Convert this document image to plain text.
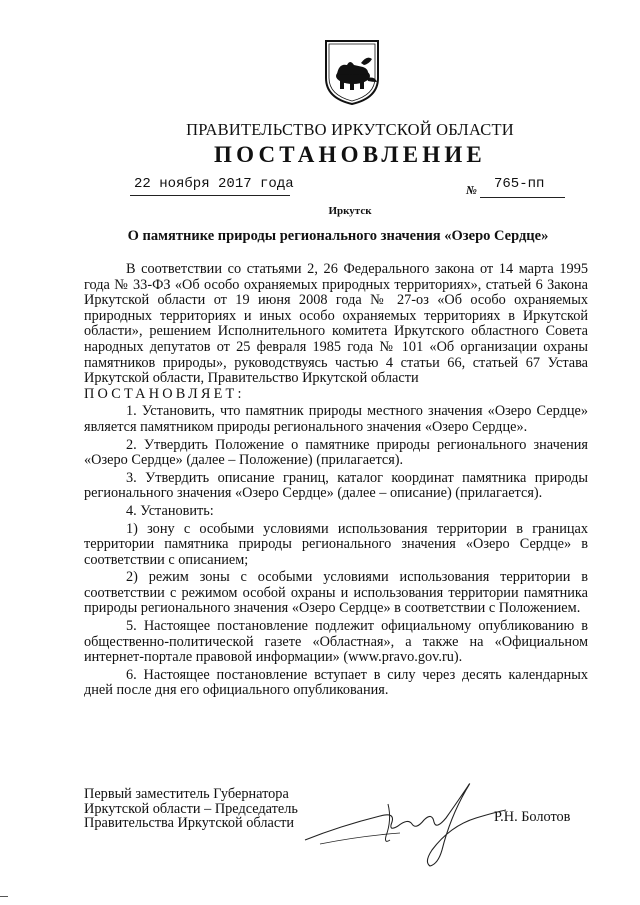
ПРАВИТЕЛЬСТВО ИРКУТСКОЙ ОБЛАСТИ
ПОСТАНОВЛЕНИЕ
22 ноября 2017 года	№ 765-пп
Иркутск
О памятнике природы регионального значения «Озеро Сердце»

В соответствии со статьями 2, 26 Федерального закона от 14 марта 1995 года № 33-ФЗ «Об особо охраняемых природных территориях», статьей 6 Закона Иркутской области от 19 июня 2008 года № 27-оз «Об особо охраняемых природных территориях и иных особо охраняемых территориях в Иркутской области», решением Исполнительного комитета Иркутского областного Совета народных депутатов от 25 февраля 1985 года № 101 «Об организации охраны памятников природы», руководствуясь частью 4 статьи 66, статьей 67 Устава Иркутской области, Правительство Иркутской области

ПОСТАНОВЛЯЕТ:

1. Установить, что памятник природы местного значения «Озеро Сердце» является памятником природы регионального значения «Озеро Сердце».

2. Утвердить Положение о памятнике природы регионального значения «Озеро Сердце» (далее – Положение) (прилагается).

3. Утвердить описание границ, каталог координат памятника природы регионального значения «Озеро Сердце» (далее – описание) (прилагается).

4. Установить:

1) зону с особыми условиями использования территории в границах территории памятника природы регионального значения «Озеро Сердце» в соответствии с описанием;

2) режим зоны с особыми условиями использования территории в соответствии с режимом особой охраны и использования территории памятника природы регионального значения «Озеро Сердце» в соответствии с Положением.

5. Настоящее постановление подлежит официальному опубликованию в общественно-политической газете «Областная», а также на «Официальном интернет-портале правовой информации» (www.pravo.gov.ru).

6. Настоящее постановление вступает в силу через десять календарных дней после дня его официального опубликования.

Первый заместитель Губернатора
Иркутской области – Председатель
Правительства Иркутской области	Р.Н. Болотов
